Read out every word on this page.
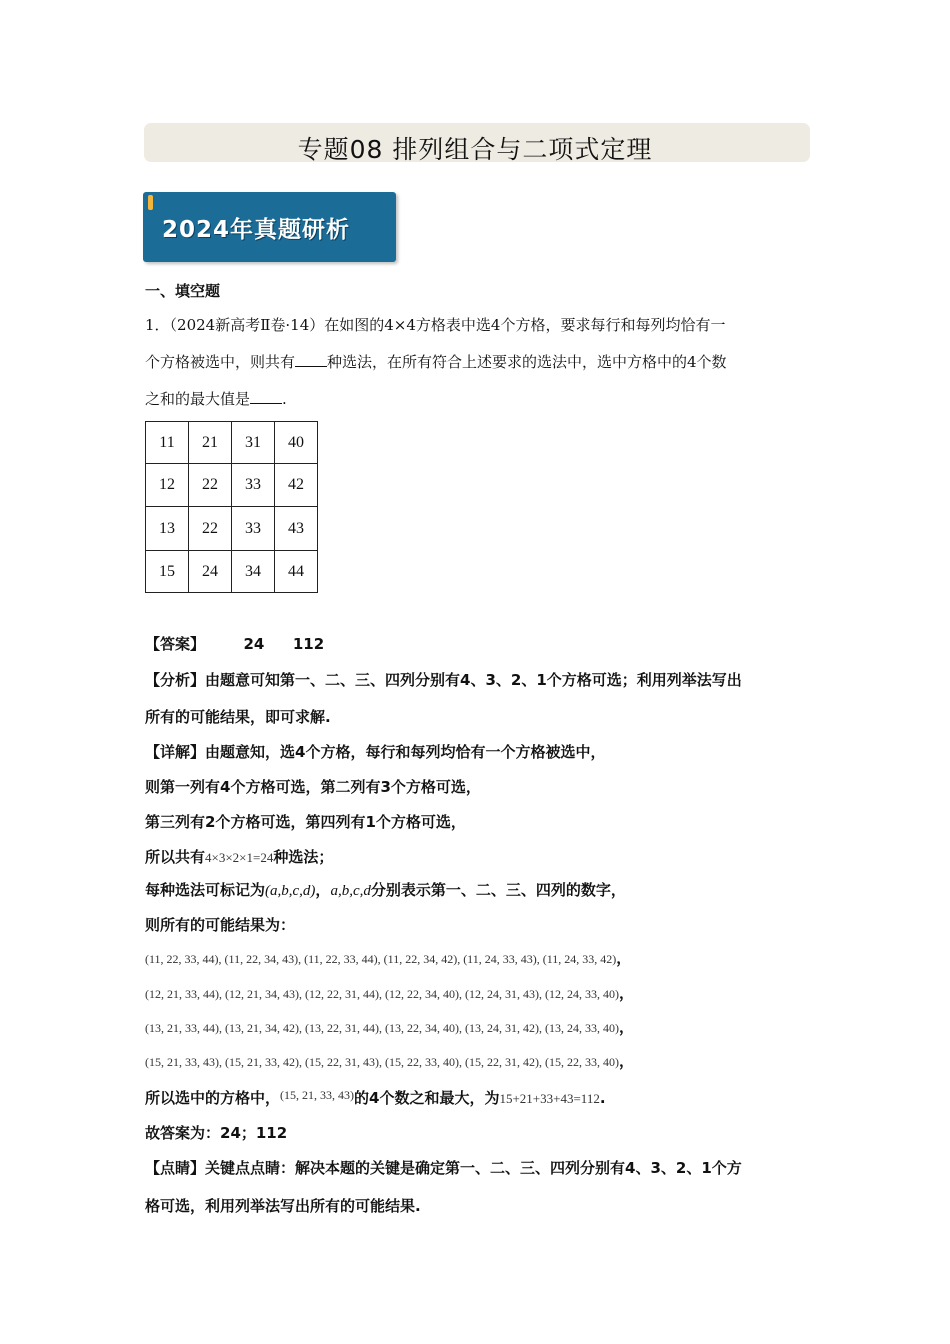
专题08 排列组合与二项式定理
2024年真题研析
一、填空题
1．（2024新高考Ⅱ卷·14）在如图的4×4方格表中选4个方格，要求每行和每列均恰有一
个方格被选中，则共有 种选法，在所有符合上述要求的选法中，选中方格中的4个数
之和的最大值是 .
11	21	31	40
12	22	33	42
13	22	33	43
15	24	34	44
【答案】	24 112
【分析】由题意可知第一、二、三、四列分别有4、3、2、1个方格可选；利用列举法写出
所有的可能结果，即可求解.
【详解】由题意知，选4个方格，每行和每列均恰有一个方格被选中，
则第一列有4个方格可选，第二列有3个方格可选，
第三列有2个方格可选，第四列有1个方格可选，
所以共有4×3×2×1=24种选法；
每种选法可标记为(a,b,c,d)，a,b,c,d分别表示第一、二、三、四列的数字，
则所有的可能结果为：
(11, 22, 33, 44), (11, 22, 34, 43), (11, 22, 33, 44), (11, 22, 34, 42), (11, 24, 33, 43), (11, 24, 33, 42)，
(12, 21, 33, 44), (12, 21, 34, 43), (12, 22, 31, 44), (12, 22, 34, 40), (12, 24, 31, 43), (12, 24, 33, 40)，
(13, 21, 33, 44), (13, 21, 34, 42), (13, 22, 31, 44), (13, 22, 34, 40), (13, 24, 31, 42), (13, 24, 33, 40)，
(15, 21, 33, 43), (15, 21, 33, 42), (15, 22, 31, 43), (15, 22, 33, 40), (15, 22, 31, 42), (15, 22, 33, 40)，
所以选中的方格中，$^{(15, 21, 33, 43)}$的4个数之和最大，为15+21+33+43=112.
故答案为：24；112
【点睛】关键点点睛：解决本题的关键是确定第一、二、三、四列分别有4、3、2、1个方
格可选，利用列举法写出所有的可能结果.
